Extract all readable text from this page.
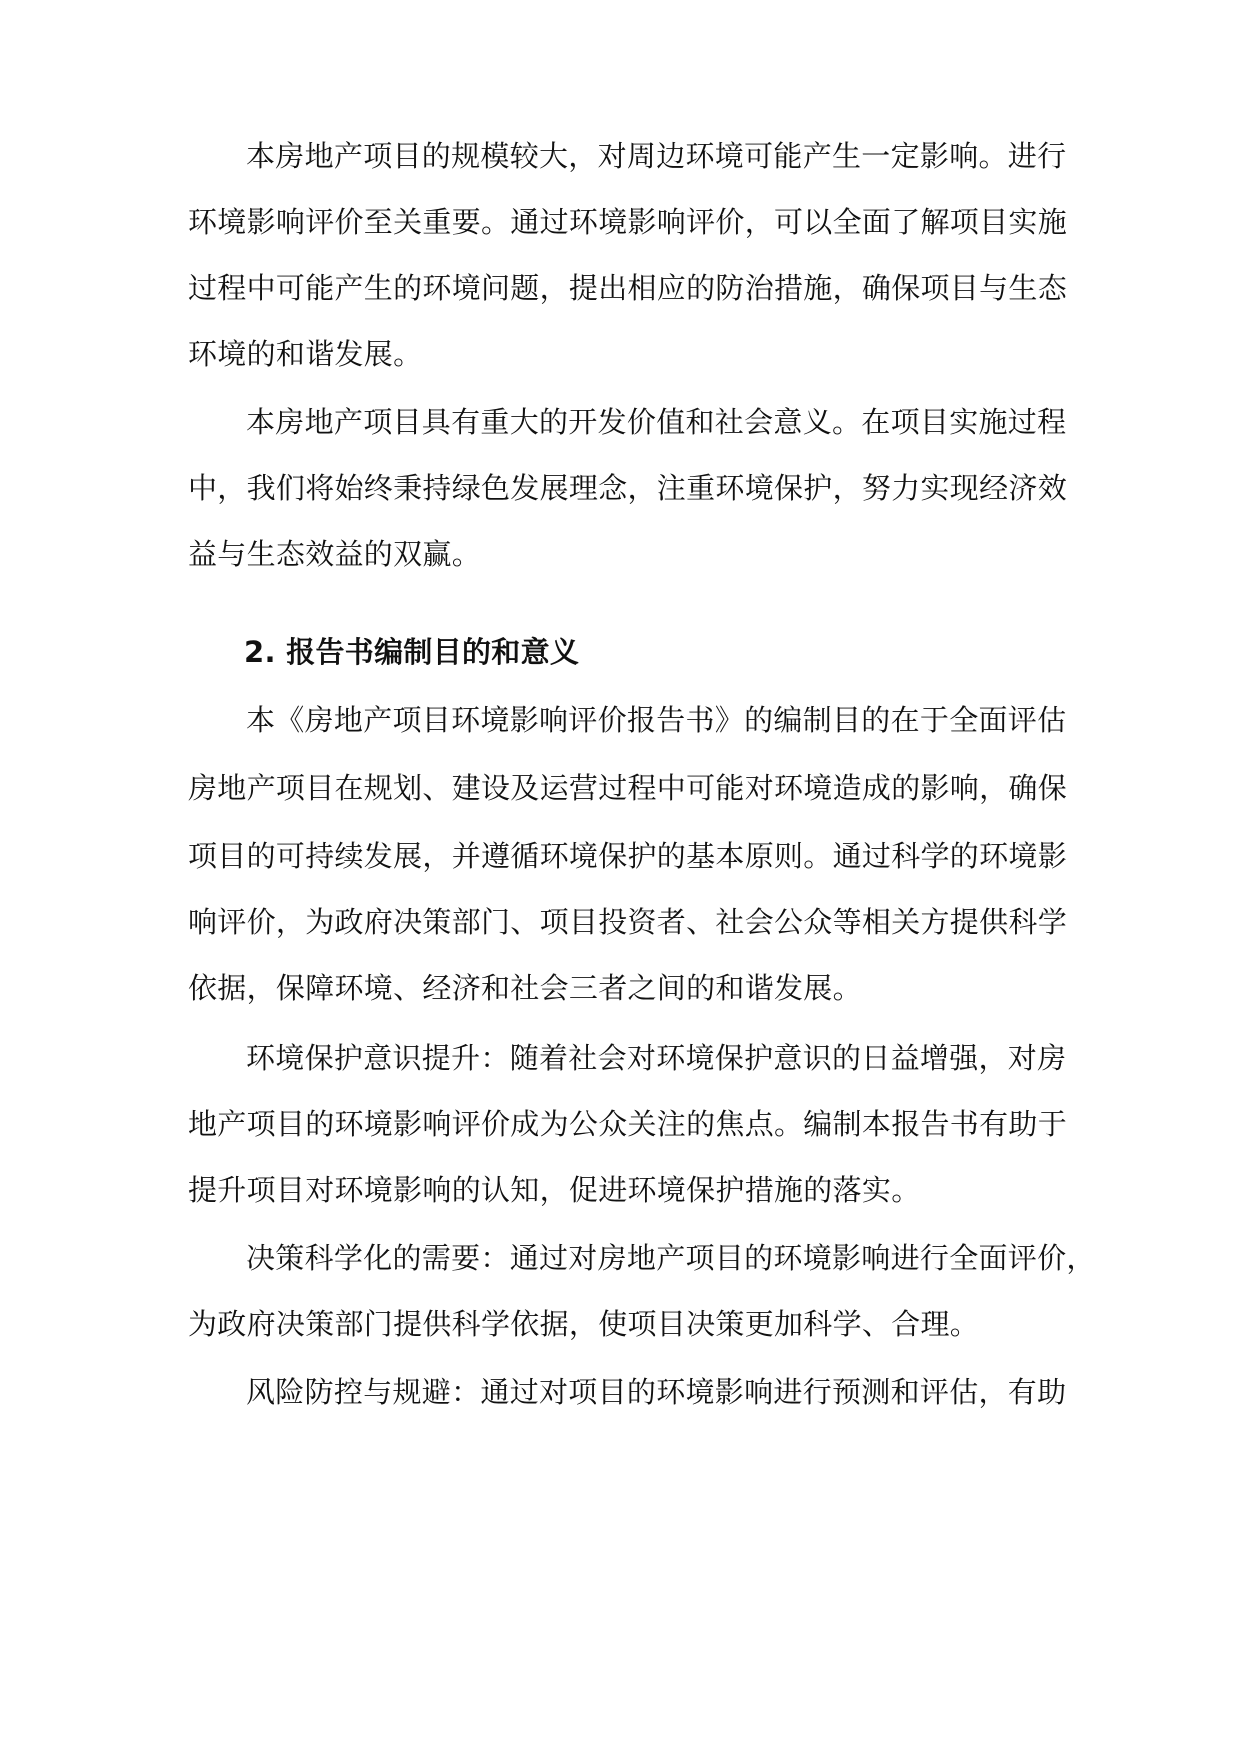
本房地产项目的规模较大，对周边环境可能产生一定影响。进行
环境影响评价至关重要。通过环境影响评价，可以全面了解项目实施
过程中可能产生的环境问题，提出相应的防治措施，确保项目与生态
环境的和谐发展。
本房地产项目具有重大的开发价值和社会意义。在项目实施过程
中，我们将始终秉持绿色发展理念，注重环境保护，努力实现经济效
益与生态效益的双赢。
2. 报告书编制目的和意义
本《房地产项目环境影响评价报告书》的编制目的在于全面评估
房地产项目在规划、建设及运营过程中可能对环境造成的影响，确保
项目的可持续发展，并遵循环境保护的基本原则。通过科学的环境影
响评价，为政府决策部门、项目投资者、社会公众等相关方提供科学
依据，保障环境、经济和社会三者之间的和谐发展。
环境保护意识提升：随着社会对环境保护意识的日益增强，对房
地产项目的环境影响评价成为公众关注的焦点。编制本报告书有助于
提升项目对环境影响的认知，促进环境保护措施的落实。
决策科学化的需要：通过对房地产项目的环境影响进行全面评价，
为政府决策部门提供科学依据，使项目决策更加科学、合理。
风险防控与规避：通过对项目的环境影响进行预测和评估，有助
